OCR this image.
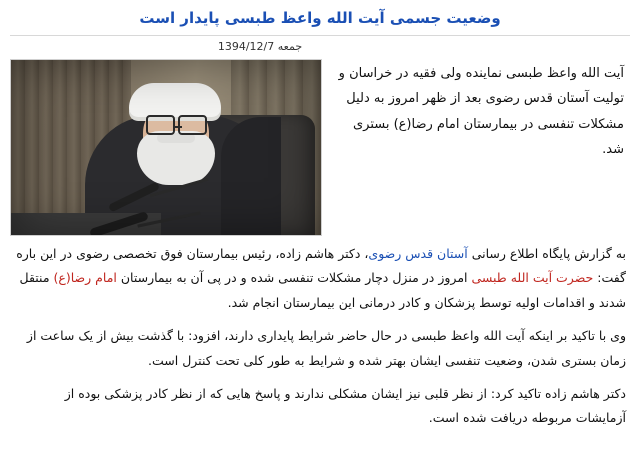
وضعیت جسمی آیت الله واعظ طبسی پایدار است
جمعه 1394/12/7
آیت الله واعظ طبسی نماینده ولی فقیه در خراسان و تولیت آستان قدس رضوی بعد از ظهر امروز به دلیل مشکلات تنفسی در بیمارستان امام رضا(ع) بستری شد.

به گزارش پایگاه اطلاع رسانی آستان قدس رضوی، دکتر هاشم زاده، رئیس بیمارستان فوق تخصصی رضوی در این باره گفت: حضرت آیت الله طبسی امروز در منزل دچار مشکلات تنفسی شده و در پی آن به بیمارستان امام رضا(ع) منتقل شدند و اقدامات اولیه توسط پزشکان و کادر درمانی این بیمارستان انجام شد.

وی با تاکید بر اینکه آیت الله واعظ طبسی در حال حاضر شرایط پایداری دارند، افزود: با گذشت بیش از یک ساعت از زمان بستری شدن، وضعیت تنفسی ایشان بهتر شده و شرایط به طور کلی تحت کنترل است.

دکتر هاشم زاده تاکید کرد: از نظر قلبی نیز ایشان مشکلی ندارند و پاسخ هایی که از نظر کادر پزشکی بوده از آزمایشات مربوطه دریافت شده است.
